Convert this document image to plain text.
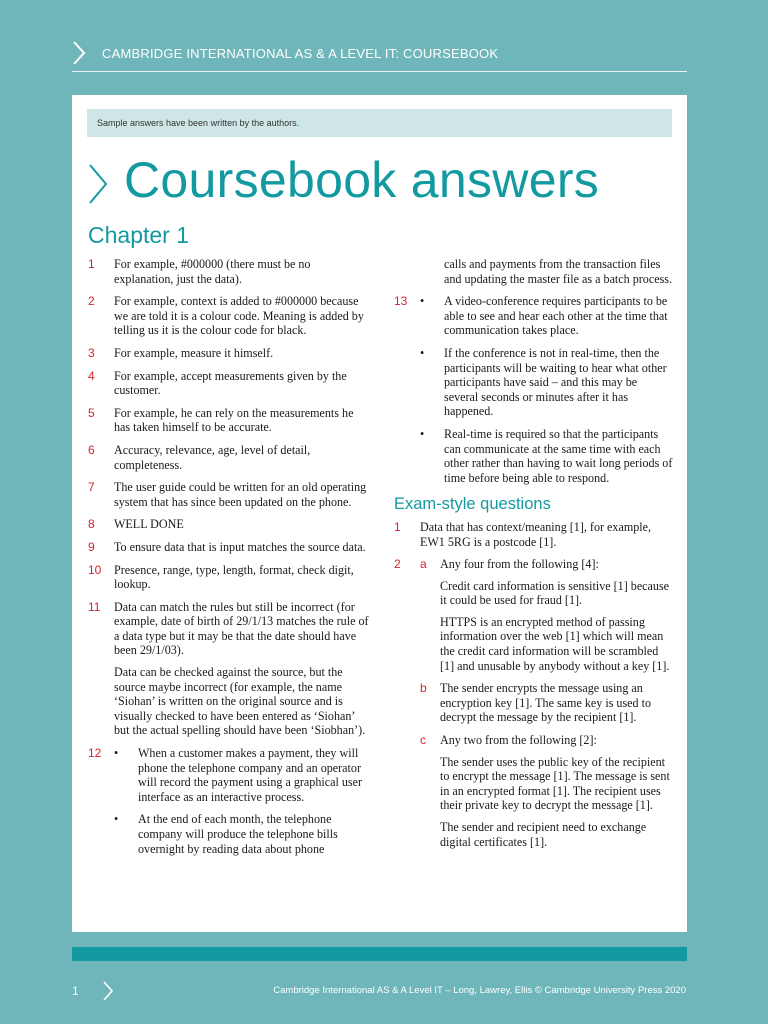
CAMBRIDGE INTERNATIONAL AS & A LEVEL IT: COURSEBOOK
Sample answers have been written by the authors.
Coursebook answers
Chapter 1
1 For example, #000000 (there must be no explanation, just the data).
2 For example, context is added to #000000 because we are told it is a colour code. Meaning is added by telling us it is the colour code for black.
3 For example, measure it himself.
4 For example, accept measurements given by the customer.
5 For example, he can rely on the measurements he has taken himself to be accurate.
6 Accuracy, relevance, age, level of detail, completeness.
7 The user guide could be written for an old operating system that has since been updated on the phone.
8 WELL DONE
9 To ensure data that is input matches the source data.
10 Presence, range, type, length, format, check digit, lookup.
11 Data can match the rules but still be incorrect (for example, date of birth of 29/1/13 matches the rule of a data type but it may be that the date should have been 29/1/03).
Data can be checked against the source, but the source maybe incorrect (for example, the name ‘Siohan’ is written on the original source and is visually checked to have been entered as ‘Siohan’ but the actual spelling should have been ‘Siobhan’).
12 • When a customer makes a payment, they will phone the telephone company and an operator will record the payment using a graphical user interface as an interactive process.
• At the end of each month, the telephone company will produce the telephone bills overnight by reading data about phone
calls and payments from the transaction files and updating the master file as a batch process.
13 • A video-conference requires participants to be able to see and hear each other at the time that communication takes place.
• If the conference is not in real-time, then the participants will be waiting to hear what other participants have said – and this may be several seconds or minutes after it has happened.
• Real-time is required so that the participants can communicate at the same time with each other rather than having to wait long periods of time before being able to respond.
Exam-style questions
1 Data that has context/meaning [1], for example, EW1 5RG is a postcode [1].
2 a Any four from the following [4]:
Credit card information is sensitive [1] because it could be used for fraud [1].
HTTPS is an encrypted method of passing information over the web [1] which will mean the credit card information will be scrambled [1] and unusable by anybody without a key [1].
b The sender encrypts the message using an encryption key [1]. The same key is used to decrypt the message by the recipient [1].
c Any two from the following [2]:
The sender uses the public key of the recipient to encrypt the message [1]. The message is sent in an encrypted format [1]. The recipient uses their private key to decrypt the message [1].
The sender and recipient need to exchange digital certificates [1].
1	Cambridge International AS & A Level IT – Long, Lawrey, Ellis © Cambridge University Press 2020
